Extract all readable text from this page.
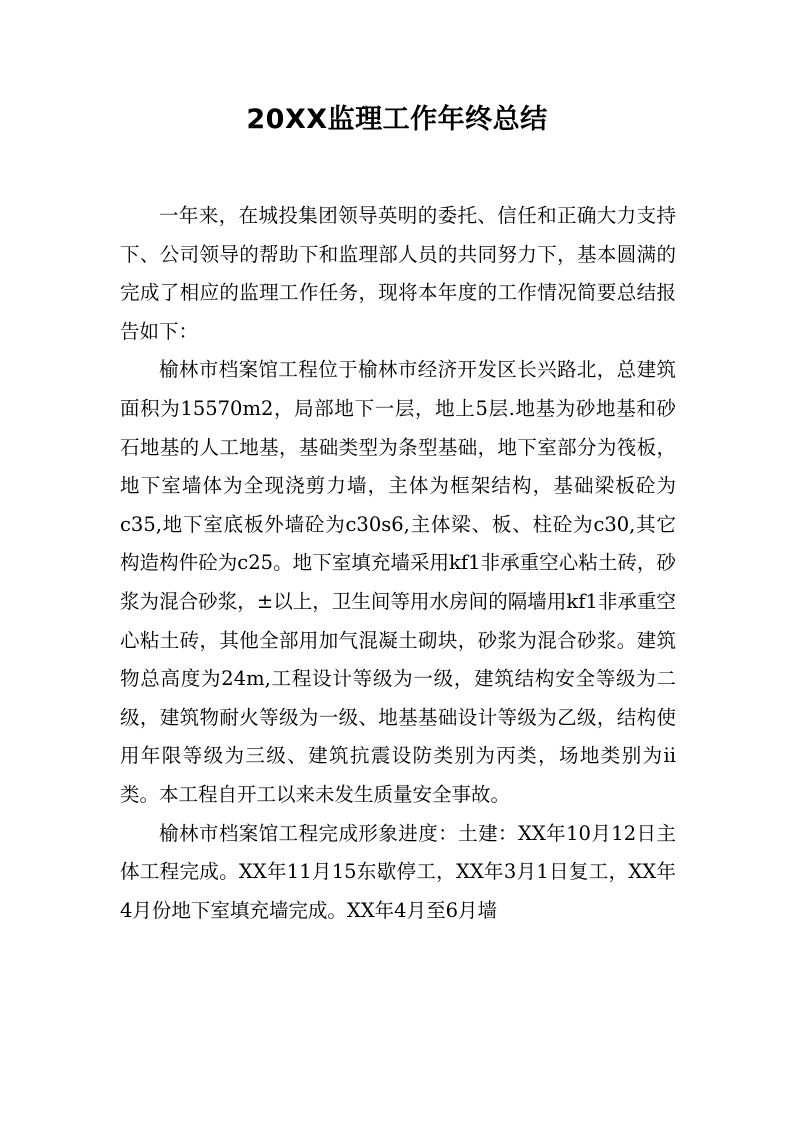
20XX监理工作年终总结

一年来，在城投集团领导英明的委托、信任和正确大力支持下、公司领导的帮助下和监理部人员的共同努力下，基本圆满的完成了相应的监理工作任务，现将本年度的工作情况简要总结报告如下：

榆林市档案馆工程位于榆林市经济开发区长兴路北，总建筑面积为15570m2，局部地下一层，地上5层.地基为砂地基和砂石地基的人工地基，基础类型为条型基础，地下室部分为筏板，地下室墙体为全现浇剪力墙，主体为框架结构，基础梁板砼为c35,地下室底板外墙砼为c30s6,主体梁、板、柱砼为c30,其它构造构件砼为c25。地下室填充墙采用kf1非承重空心粘土砖，砂浆为混合砂浆，±以上，卫生间等用水房间的隔墙用kf1非承重空心粘土砖，其他全部用加气混凝土砌块，砂浆为混合砂浆。建筑物总高度为24m,工程设计等级为一级，建筑结构安全等级为二级，建筑物耐火等级为一级、地基基础设计等级为乙级，结构使用年限等级为三级、建筑抗震设防类别为丙类，场地类别为ii类。本工程自开工以来未发生质量安全事故。

榆林市档案馆工程完成形象进度：土建：XX年10月12日主体工程完成。XX年11月15东歇停工，XX年3月1日复工，XX年4月份地下室填充墙完成。XX年4月至6月墙
